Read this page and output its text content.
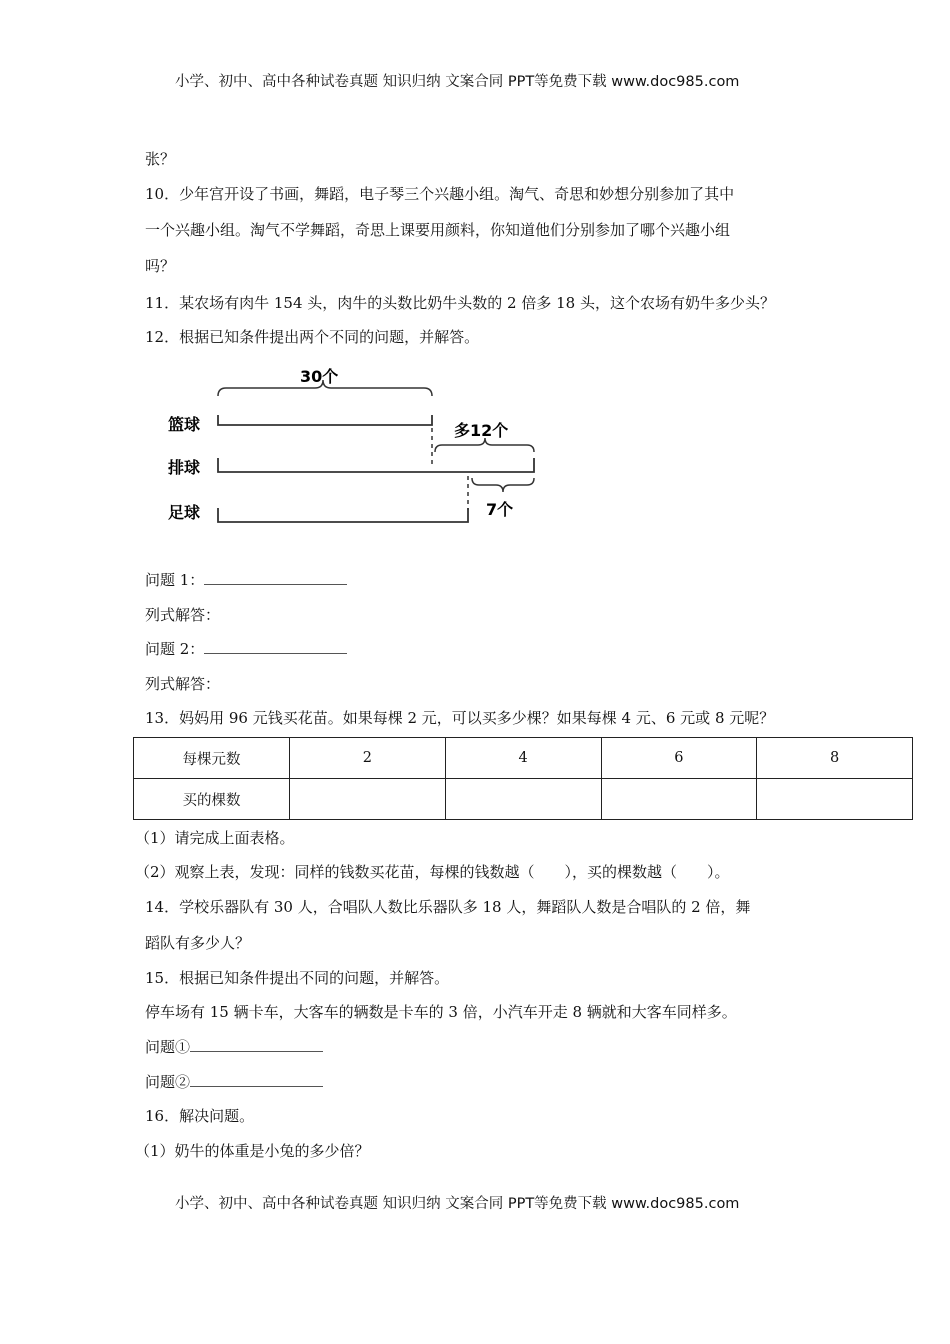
小学、初中、高中各种试卷真题 知识归纳 文案合同 PPT等免费下载 www.doc985.com
张？
10．少年宫开设了书画，舞蹈，电子琴三个兴趣小组。淘气、奇思和妙想分别参加了其中
一个兴趣小组。淘气不学舞蹈，奇思上课要用颜料，你知道他们分别参加了哪个兴趣小组
吗？
11．某农场有肉牛 154 头，肉牛的头数比奶牛头数的 2 倍多 18 头，这个农场有奶牛多少头？
12．根据已知条件提出两个不同的问题，并解答。
30个
篮球	多12个
排球
7个
足球
问题 1：
列式解答：
问题 2：
列式解答：
13．妈妈用 96 元钱买花苗。如果每棵 2 元，可以买多少棵？如果每棵 4 元、6 元或 8 元呢？
每棵元数	2	4	6	8
买的棵数				
（1）请完成上面表格。
（2）观察上表，发现：同样的钱数买花苗，每棵的钱数越（　　），买的棵数越（　　）。
14．学校乐器队有 30 人，合唱队人数比乐器队多 18 人，舞蹈队人数是合唱队的 2 倍，舞
蹈队有多少人？
15．根据已知条件提出不同的问题，并解答。
停车场有 15 辆卡车，大客车的辆数是卡车的 3 倍，小汽车开走 8 辆就和大客车同样多。
问题①
问题②
16．解决问题。
（1）奶牛的体重是小兔的多少倍？
小学、初中、高中各种试卷真题 知识归纳 文案合同 PPT等免费下载 www.doc985.com
